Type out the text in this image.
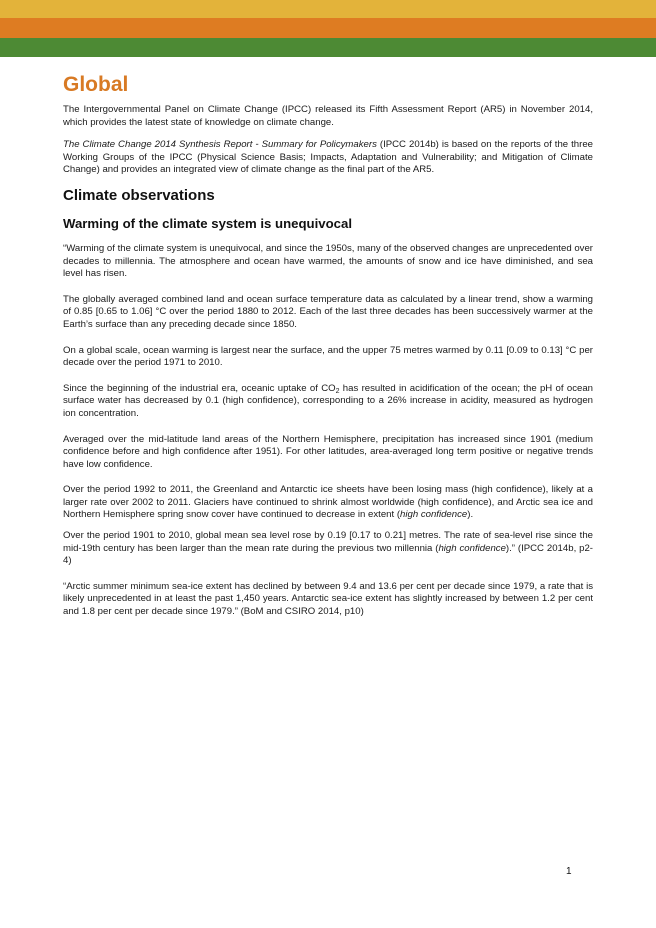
Global

The Intergovernmental Panel on Climate Change (IPCC) released its Fifth Assessment Report (AR5) in November 2014, which provides the latest state of knowledge on climate change.

The Climate Change 2014 Synthesis Report - Summary for Policymakers (IPCC 2014b) is based on the reports of the three Working Groups of the IPCC (Physical Science Basis; Impacts, Adaptation and Vulnerability; and Mitigation of Climate Change) and provides an integrated view of climate change as the final part of the AR5.

Climate observations
Warming of the climate system is unequivocal

“Warming of the climate system is unequivocal, and since the 1950s, many of the observed changes are unprecedented over decades to millennia. The atmosphere and ocean have warmed, the amounts of snow and ice have diminished, and sea level has risen.

The globally averaged combined land and ocean surface temperature data as calculated by a linear trend, show a warming of 0.85 [0.65 to 1.06] °C over the period 1880 to 2012. Each of the last three decades has been successively warmer at the Earth’s surface than any preceding decade since 1850.

On a global scale, ocean warming is largest near the surface, and the upper 75 metres warmed by 0.11 [0.09 to 0.13] °C per decade over the period 1971 to 2010.

Since the beginning of the industrial era, oceanic uptake of $CO_2$ has resulted in acidification of the ocean; the pH of ocean surface water has decreased by 0.1 (high confidence), corresponding to a 26% increase in acidity, measured as hydrogen ion concentration.

Averaged over the mid-latitude land areas of the Northern Hemisphere, precipitation has increased since 1901 (medium confidence before and high confidence after 1951). For other latitudes, area-averaged long term positive or negative trends have low confidence.

Over the period 1992 to 2011, the Greenland and Antarctic ice sheets have been losing mass (high confidence), likely at a larger rate over 2002 to 2011. Glaciers have continued to shrink almost worldwide (high confidence), and Arctic sea ice and Northern Hemisphere spring snow cover have continued to decrease in extent (high confidence).

Over the period 1901 to 2010, global mean sea level rose by 0.19 [0.17 to 0.21] metres. The rate of sea-level rise since the mid-19th century has been larger than the mean rate during the previous two millennia (high confidence).” (IPCC 2014b, p2-4)

“Arctic summer minimum sea-ice extent has declined by between 9.4 and 13.6 per cent per decade since 1979, a rate that is likely unprecedented in at least the past 1,450 years. Antarctic sea-ice extent has slightly increased by between 1.2 per cent and 1.8 per cent per decade since 1979.” (BoM and CSIRO 2014, p10)

1
